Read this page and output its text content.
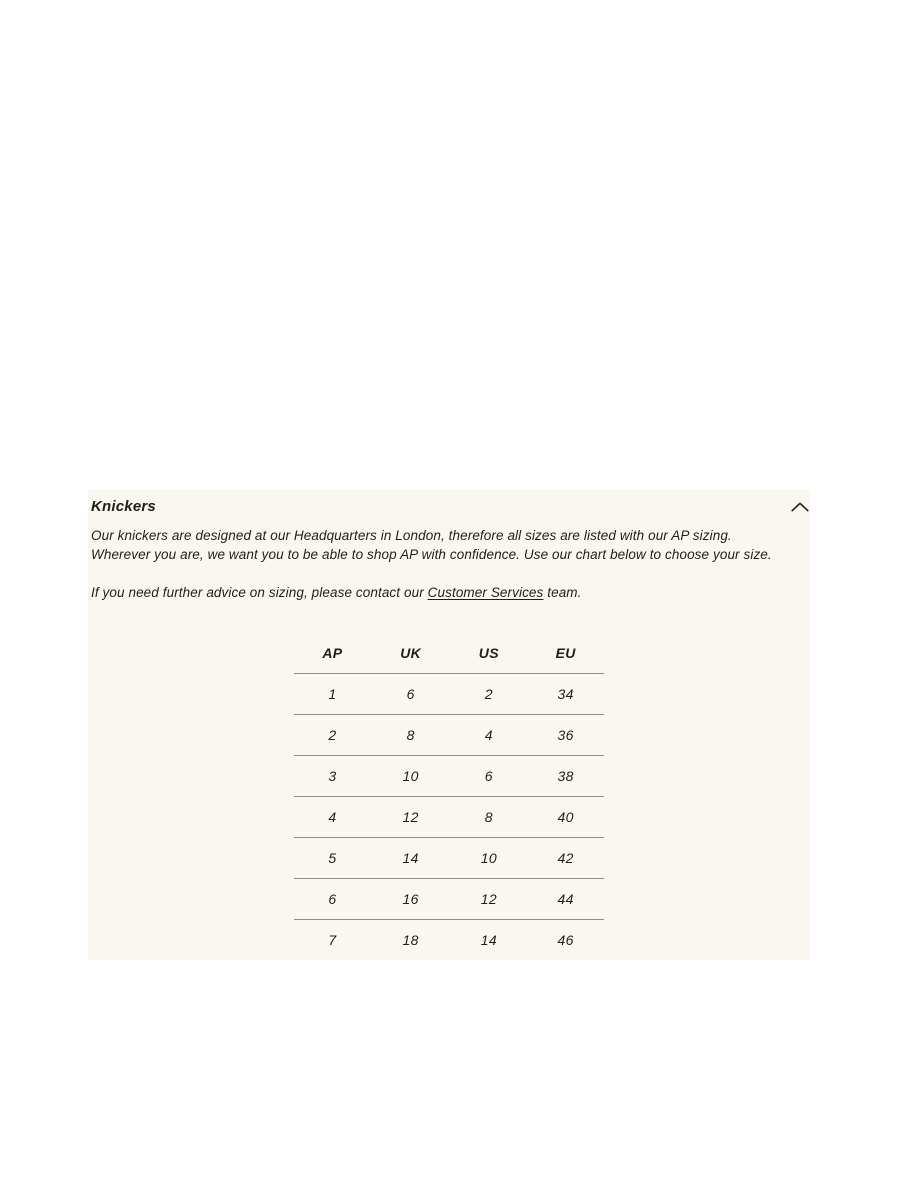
Knickers
Our knickers are designed at our Headquarters in London, therefore all sizes are listed with our AP sizing.
Wherever you are, we want you to be able to shop AP with confidence. Use our chart below to choose your size.
If you need further advice on sizing, please contact our Customer Services team.
AP	UK	US	EU
1	6	2	34
2	8	4	36
3	10	6	38
4	12	8	40
5	14	10	42
6	16	12	44
7	18	14	46
